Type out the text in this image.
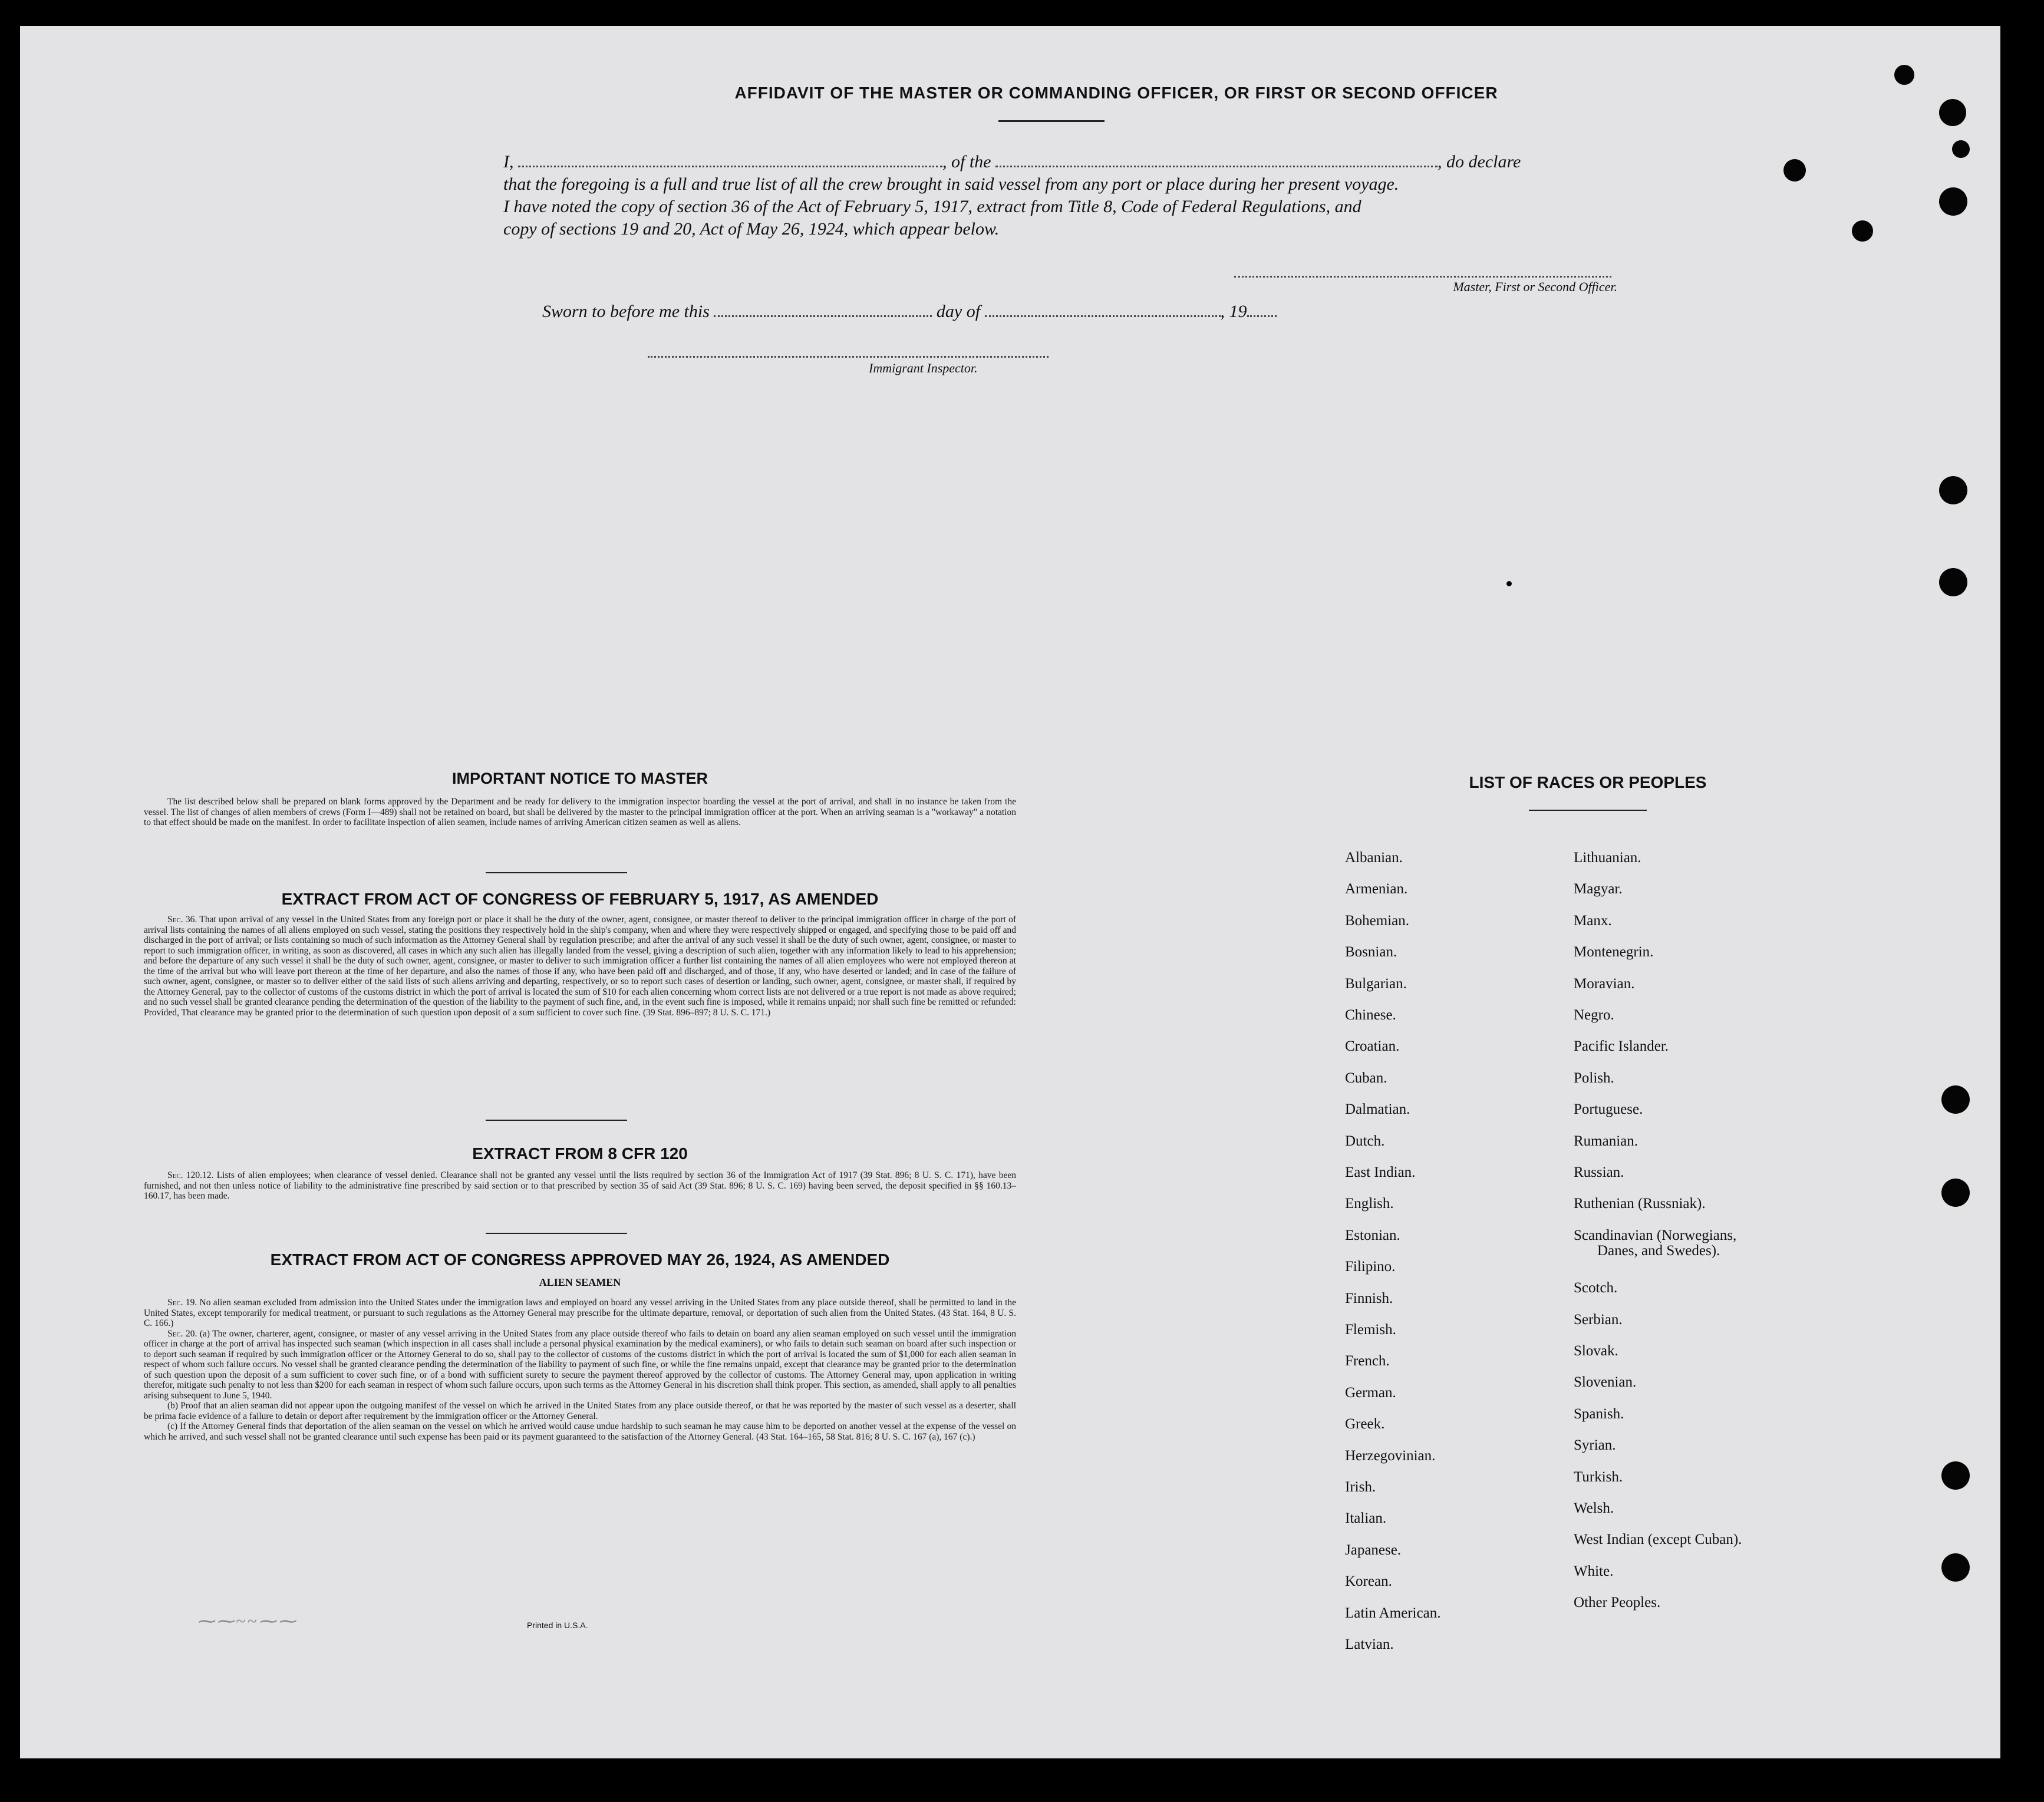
AFFIDAVIT OF THE MASTER OR COMMANDING OFFICER, OR FIRST OR SECOND OFFICER
I,	, of the	, do declare
that the foregoing is a full and true list of all the crew brought in said vessel from any port or place during her present voyage.
I have noted the copy of section 36 of the Act of February 5, 1917, extract from Title 8, Code of Federal Regulations, and
copy of sections 19 and 20, Act of May 26, 1924, which appear below.
Master, First or Second Officer.
Sworn to before me this	day of	, 19
Immigrant Inspector.
IMPORTANT NOTICE TO MASTER

The list described below shall be prepared on blank forms approved by the Department and be ready for delivery to the immigration inspector boarding the vessel at the port of arrival, and shall in no instance be taken from the vessel. The list of changes of alien members of crews (Form I—489) shall not be retained on board, but shall be delivered by the master to the principal immigration officer at the port. When an arriving seaman is a "workaway" a notation to that effect should be made on the manifest. In order to facilitate inspection of alien seamen, include names of arriving American citizen seamen as well as aliens.

EXTRACT FROM ACT OF CONGRESS OF FEBRUARY 5, 1917, AS AMENDED

Sec. 36. That upon arrival of any vessel in the United States from any foreign port or place it shall be the duty of the owner, agent, consignee, or master thereof to deliver to the principal immigration officer in charge of the port of arrival lists containing the names of all aliens employed on such vessel, stating the positions they respectively hold in the ship's company, when and where they were respectively shipped or engaged, and specifying those to be paid off and discharged in the port of arrival; or lists containing so much of such information as the Attorney General shall by regulation prescribe; and after the arrival of any such vessel it shall be the duty of such owner, agent, consignee, or master to report to such immigration officer, in writing, as soon as discovered, all cases in which any such alien has illegally landed from the vessel, giving a description of such alien, together with any information likely to lead to his apprehension; and before the departure of any such vessel it shall be the duty of such owner, agent, consignee, or master to deliver to such immigration officer a further list containing the names of all alien employees who were not employed thereon at the time of the arrival but who will leave port thereon at the time of her departure, and also the names of those if any, who have been paid off and discharged, and of those, if any, who have deserted or landed; and in case of the failure of such owner, agent, consignee, or master so to deliver either of the said lists of such aliens arriving and departing, respectively, or so to report such cases of desertion or landing, such owner, agent, consignee, or master shall, if required by the Attorney General, pay to the collector of customs of the customs district in which the port of arrival is located the sum of $10 for each alien concerning whom correct lists are not delivered or a true report is not made as above required; and no such vessel shall be granted clearance pending the determination of the question of the liability to the payment of such fine, and, in the event such fine is imposed, while it remains unpaid; nor shall such fine be remitted or refunded: Provided, That clearance may be granted prior to the determination of such question upon deposit of a sum sufficient to cover such fine. (39 Stat. 896–897; 8 U. S. C. 171.)

EXTRACT FROM 8 CFR 120

Sec. 120.12. Lists of alien employees; when clearance of vessel denied. Clearance shall not be granted any vessel until the lists required by section 36 of the Immigration Act of 1917 (39 Stat. 896; 8 U. S. C. 171), have been furnished, and not then unless notice of liability to the administrative fine prescribed by said section or to that prescribed by section 35 of said Act (39 Stat. 896; 8 U. S. C. 169) having been served, the deposit specified in §§ 160.13–160.17, has been made.

EXTRACT FROM ACT OF CONGRESS APPROVED MAY 26, 1924, AS AMENDED
ALIEN SEAMEN

Sec. 19. No alien seaman excluded from admission into the United States under the immigration laws and employed on board any vessel arriving in the United States from any place outside thereof, shall be permitted to land in the United States, except temporarily for medical treatment, or pursuant to such regulations as the Attorney General may prescribe for the ultimate departure, removal, or deportation of such alien from the United States. (43 Stat. 164, 8 U. S. C. 166.)

Sec. 20. (a) The owner, charterer, agent, consignee, or master of any vessel arriving in the United States from any place outside thereof who fails to detain on board any alien seaman employed on such vessel until the immigration officer in charge at the port of arrival has inspected such seaman (which inspection in all cases shall include a personal physical examination by the medical examiners), or who fails to detain such seaman on board after such inspection or to deport such seaman if required by such immigration officer or the Attorney General to do so, shall pay to the collector of customs of the customs district in which the port of arrival is located the sum of $1,000 for each alien seaman in respect of whom such failure occurs. No vessel shall be granted clearance pending the determination of the liability to payment of such fine, or while the fine remains unpaid, except that clearance may be granted prior to the determination of such question upon the deposit of a sum sufficient to cover such fine, or of a bond with sufficient surety to secure the payment thereof approved by the collector of customs. The Attorney General may, upon application in writing therefor, mitigate such penalty to not less than $200 for each seaman in respect of whom such failure occurs, upon such terms as the Attorney General in his discretion shall think proper. This section, as amended, shall apply to all penalties arising subsequent to June 5, 1940.

(b) Proof that an alien seaman did not appear upon the outgoing manifest of the vessel on which he arrived in the United States from any place outside thereof, or that he was reported by the master of such vessel as a deserter, shall be prima facie evidence of a failure to detain or deport after requirement by the immigration officer or the Attorney General.

(c) If the Attorney General finds that deportation of the alien seaman on the vessel on which he arrived would cause undue hardship to such seaman he may cause him to be deported on another vessel at the expense of the vessel on which he arrived, and such vessel shall not be granted clearance until such expense has been paid or its payment guaranteed to the satisfaction of the Attorney General. (43 Stat. 164–165, 58 Stat. 816; 8 U. S. C. 167 (a), 167 (c).)

Printed in U.S.A.
⁓⁓~~⁓⁓
LIST OF RACES OR PEOPLES
Albanian.
Armenian.
Bohemian.
Bosnian.
Bulgarian.
Chinese.
Croatian.
Cuban.
Dalmatian.
Dutch.
East Indian.
English.
Estonian.
Filipino.
Finnish.
Flemish.
French.
German.
Greek.
Herzegovinian.
Irish.
Italian.
Japanese.
Korean.
Latin American.
Latvian.
Lithuanian.
Magyar.
Manx.
Montenegrin.
Moravian.
Negro.
Pacific Islander.
Polish.
Portuguese.
Rumanian.
Russian.
Ruthenian (Russniak).
Scandinavian (Norwegians,
Danes, and Swedes).
Scotch.
Serbian.
Slovak.
Slovenian.
Spanish.
Syrian.
Turkish.
Welsh.
West Indian (except Cuban).
White.
Other Peoples.
